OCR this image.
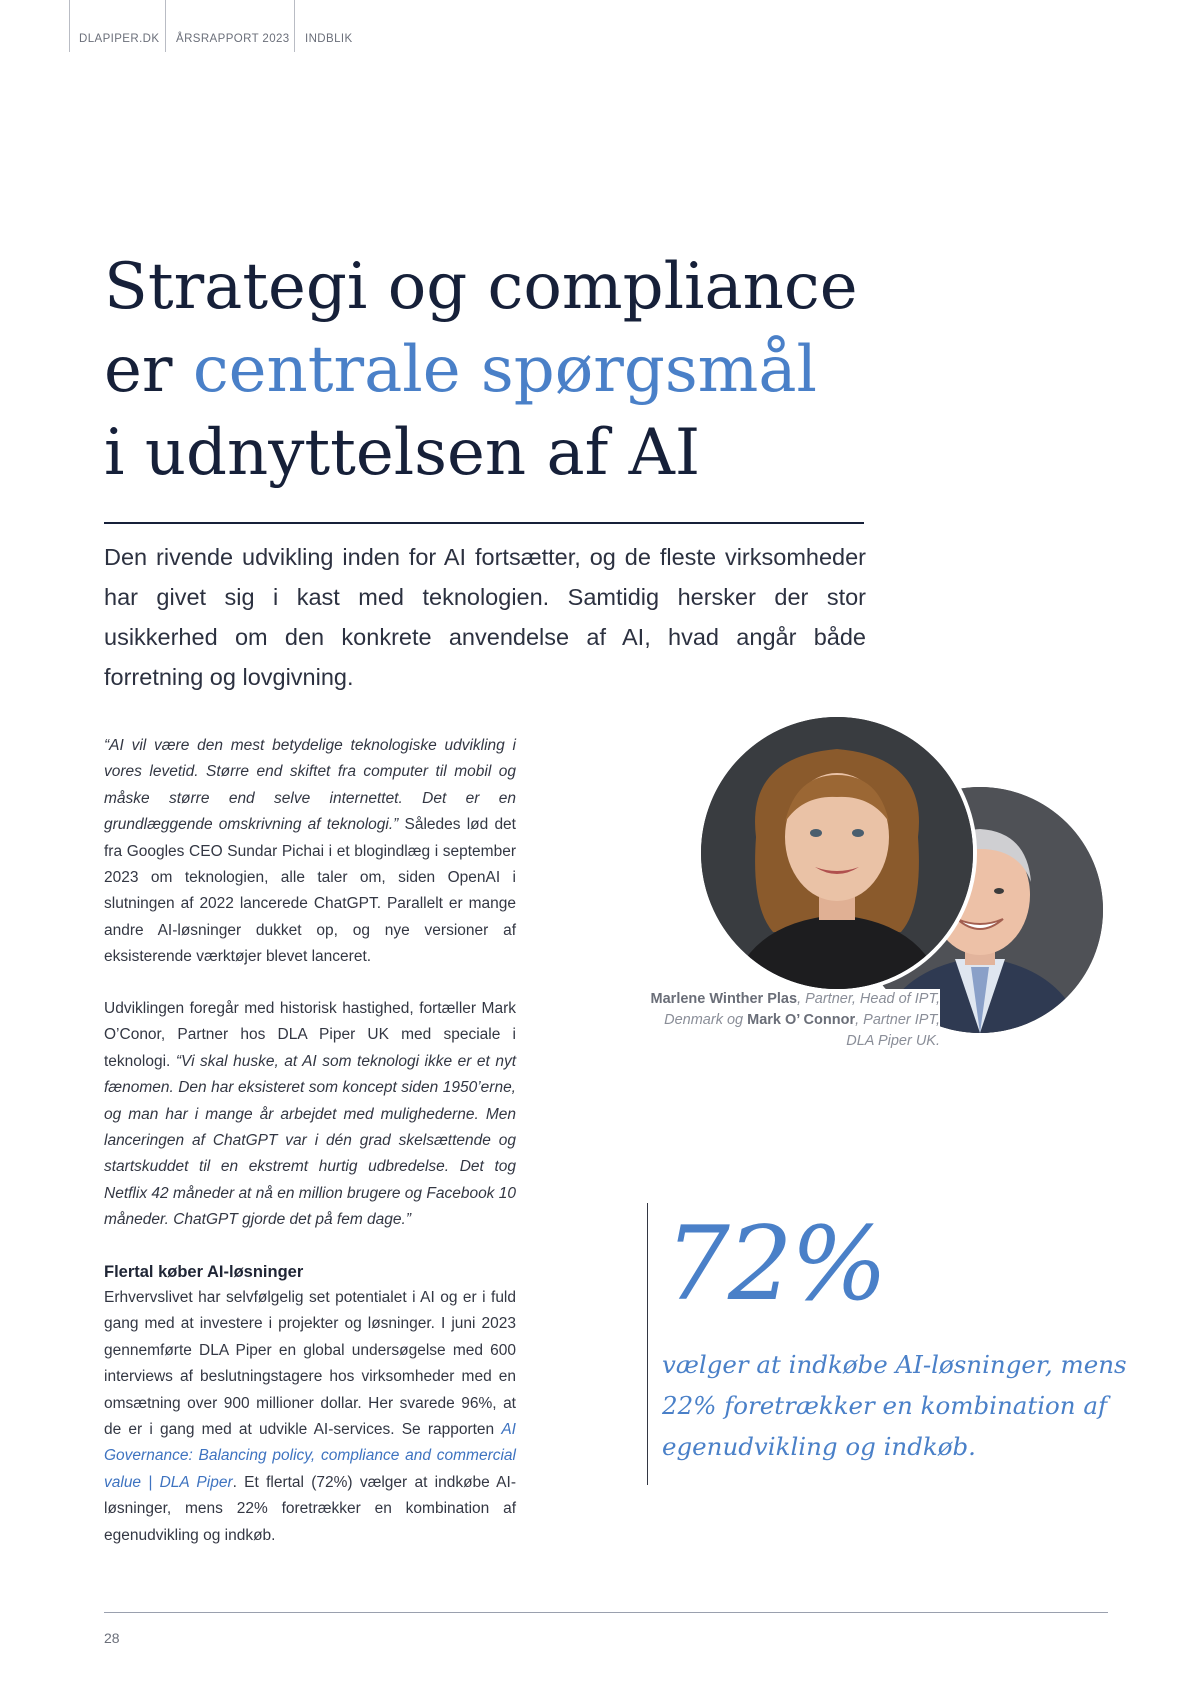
DLAPIPER.DK ÅRSRAPPORT 2023 INDBLIK
Strategi og compliance
er centrale spørgsmål
i udnyttelsen af AI

Den rivende udvikling inden for AI fortsætter, og de fleste virksomheder har givet sig i kast med teknologien. Samtidig hersker der stor usikkerhed om den konkrete anvendelse af AI, hvad angår både forretning og lovgivning.

“AI vil være den mest betydelige teknologiske udvikling i vores levetid. Større end skiftet fra computer til mobil og måske større end selve internettet. Det er en grundlæggende omskrivning af teknologi.” Således lød det fra Googles CEO Sundar Pichai i et blogindlæg i september 2023 om teknologien, alle taler om, siden OpenAI i slutningen af 2022 lancerede ChatGPT. Parallelt er mange andre AI-løsninger dukket op, og nye versioner af eksisterende værktøjer blevet lanceret.

Udviklingen foregår med historisk hastighed, fortæller Mark O’Conor, Partner hos DLA Piper UK med speciale i teknologi. “Vi skal huske, at AI som teknologi ikke er et nyt fænomen. Den har eksisteret som koncept siden 1950’erne, og man har i mange år arbejdet med mulighederne. Men lanceringen af ChatGPT var i dén grad skelsættende og startskuddet til en ekstremt hurtig udbredelse. Det tog Netflix 42 måneder at nå en million brugere og Facebook 10 måneder. ChatGPT gjorde det på fem dage.”

Flertal køber AI-løsninger

Erhvervslivet har selvfølgelig set potentialet i AI og er i fuld gang med at investere i projekter og løsninger. I juni 2023 gennemførte DLA Piper en global undersøgelse med 600 interviews af beslutningstagere hos virksomheder med en omsætning over 900 millioner dollar. Her svarede 96%, at de er i gang med at udvikle AI-services. Se rapporten AI Governance: Balancing policy, compliance and commercial value | DLA Piper. Et flertal (72%) vælger at indkøbe AI-løsninger, mens 22% foretrækker en kombination af egenudvikling og indkøb.

Marlene Winther Plas, Partner, Head of IPT, Denmark og Mark O’ Connor, Partner IPT, DLA Piper UK.

72%

vælger at indkøbe AI-løsninger, mens 22% foretrækker en kombination af egenudvikling og indkøb.

28
